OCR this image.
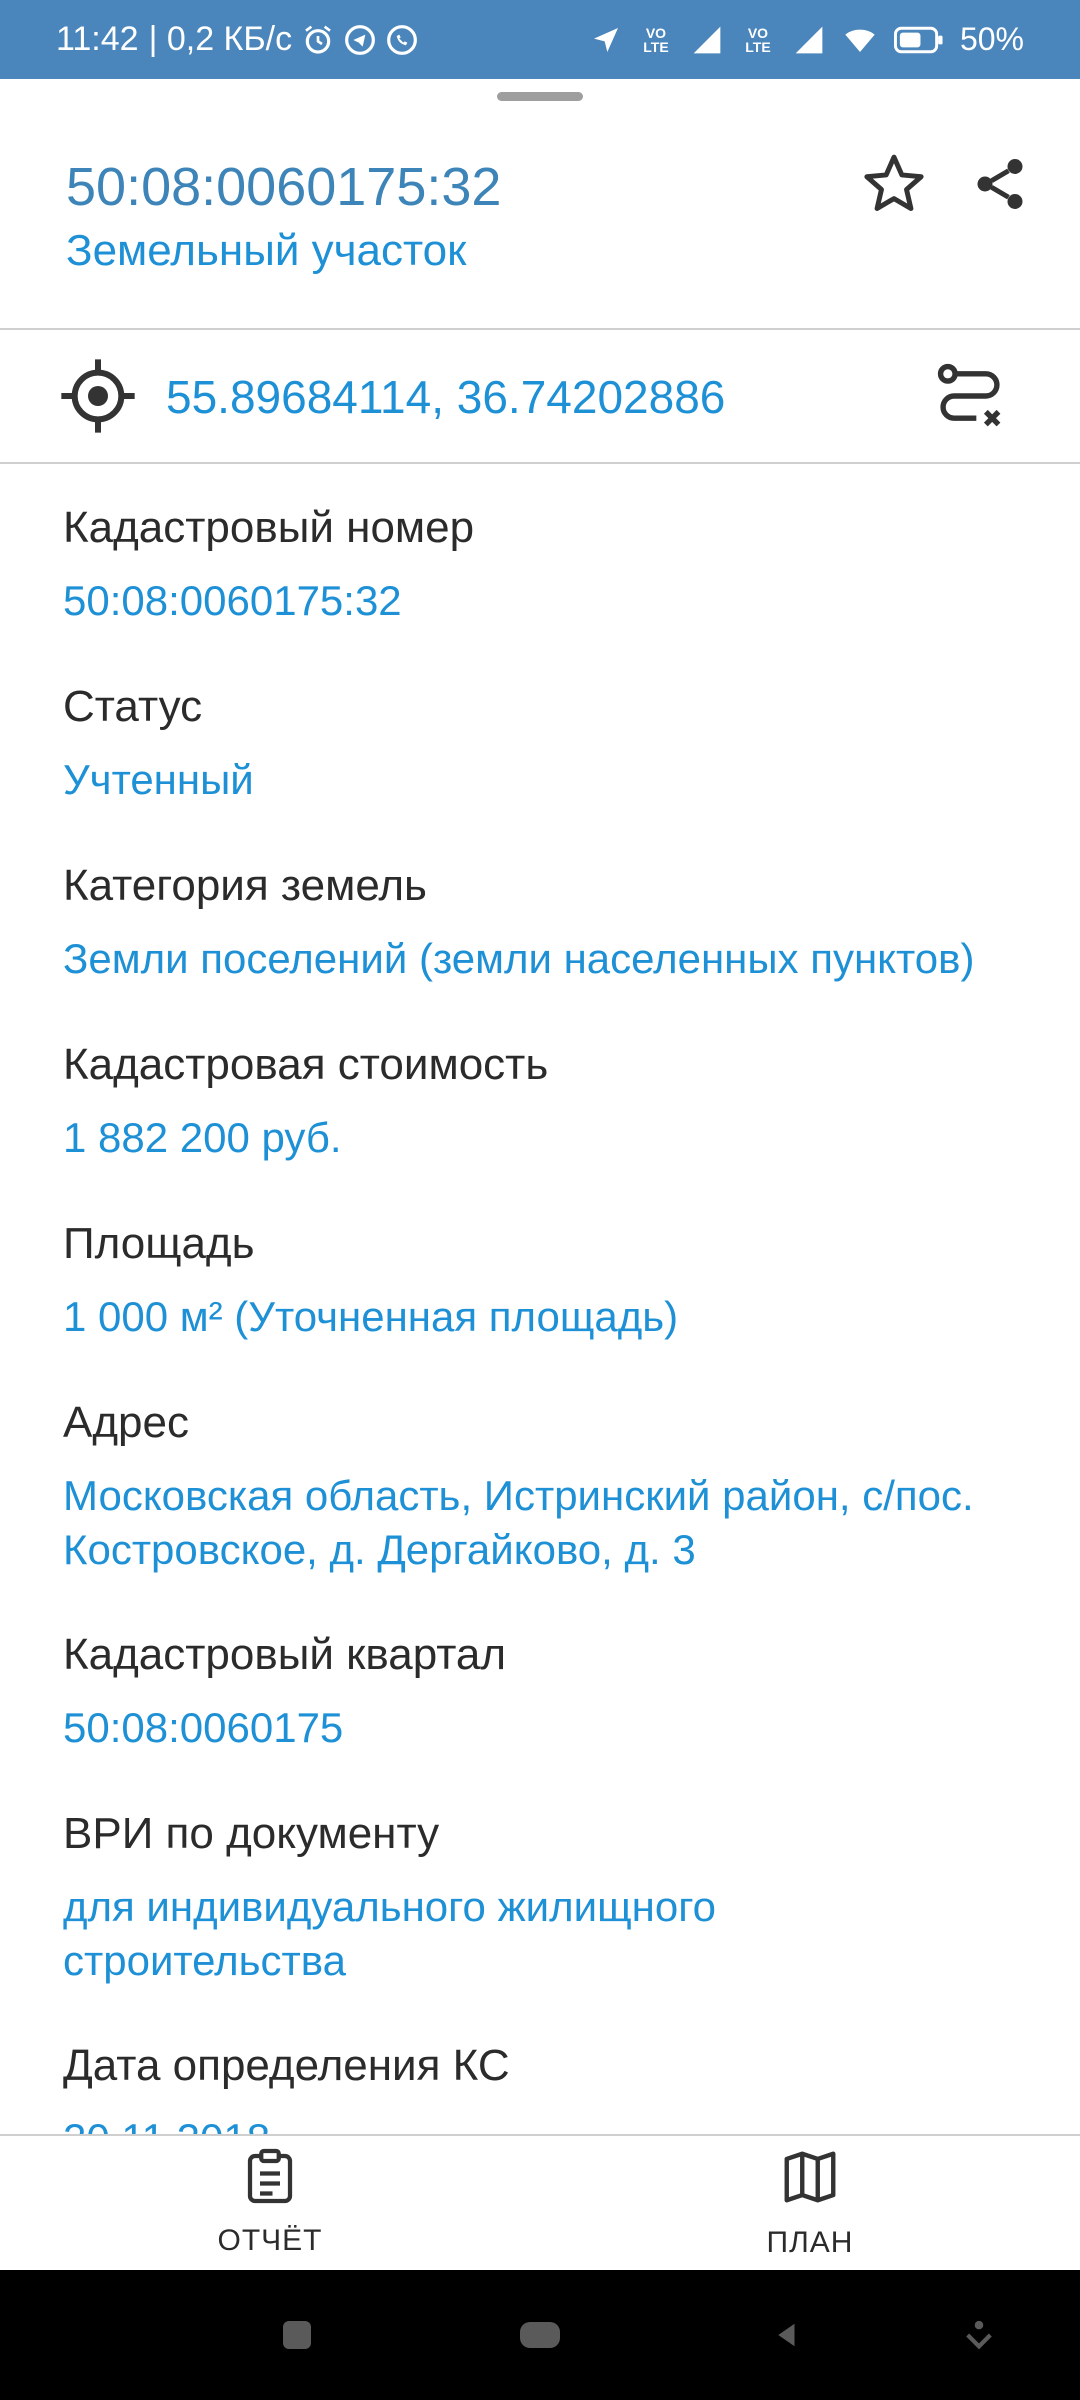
11:42 | 0,2 КБ/с	VO LTE
VO LTE	50%
50:08:0060175:32
Земельный участок
55.89684114, 36.74202886
Кадастровый номер
50:08:0060175:32
Статус
Учтенный
Категория земель
Земли поселений (земли населенных пунктов)
Кадастровая стоимость
1 882 200 руб.
Площадь
1 000 м² (Уточненная площадь)
Адрес
Московская область, Истринский район, с/пос. Костровское, д. Дергайково, д. 3
Кадастровый квартал
50:08:0060175
ВРИ по документу
для индивидуального жилищного строительства
Дата определения КС
ОТЧЁТ	ПЛАН
